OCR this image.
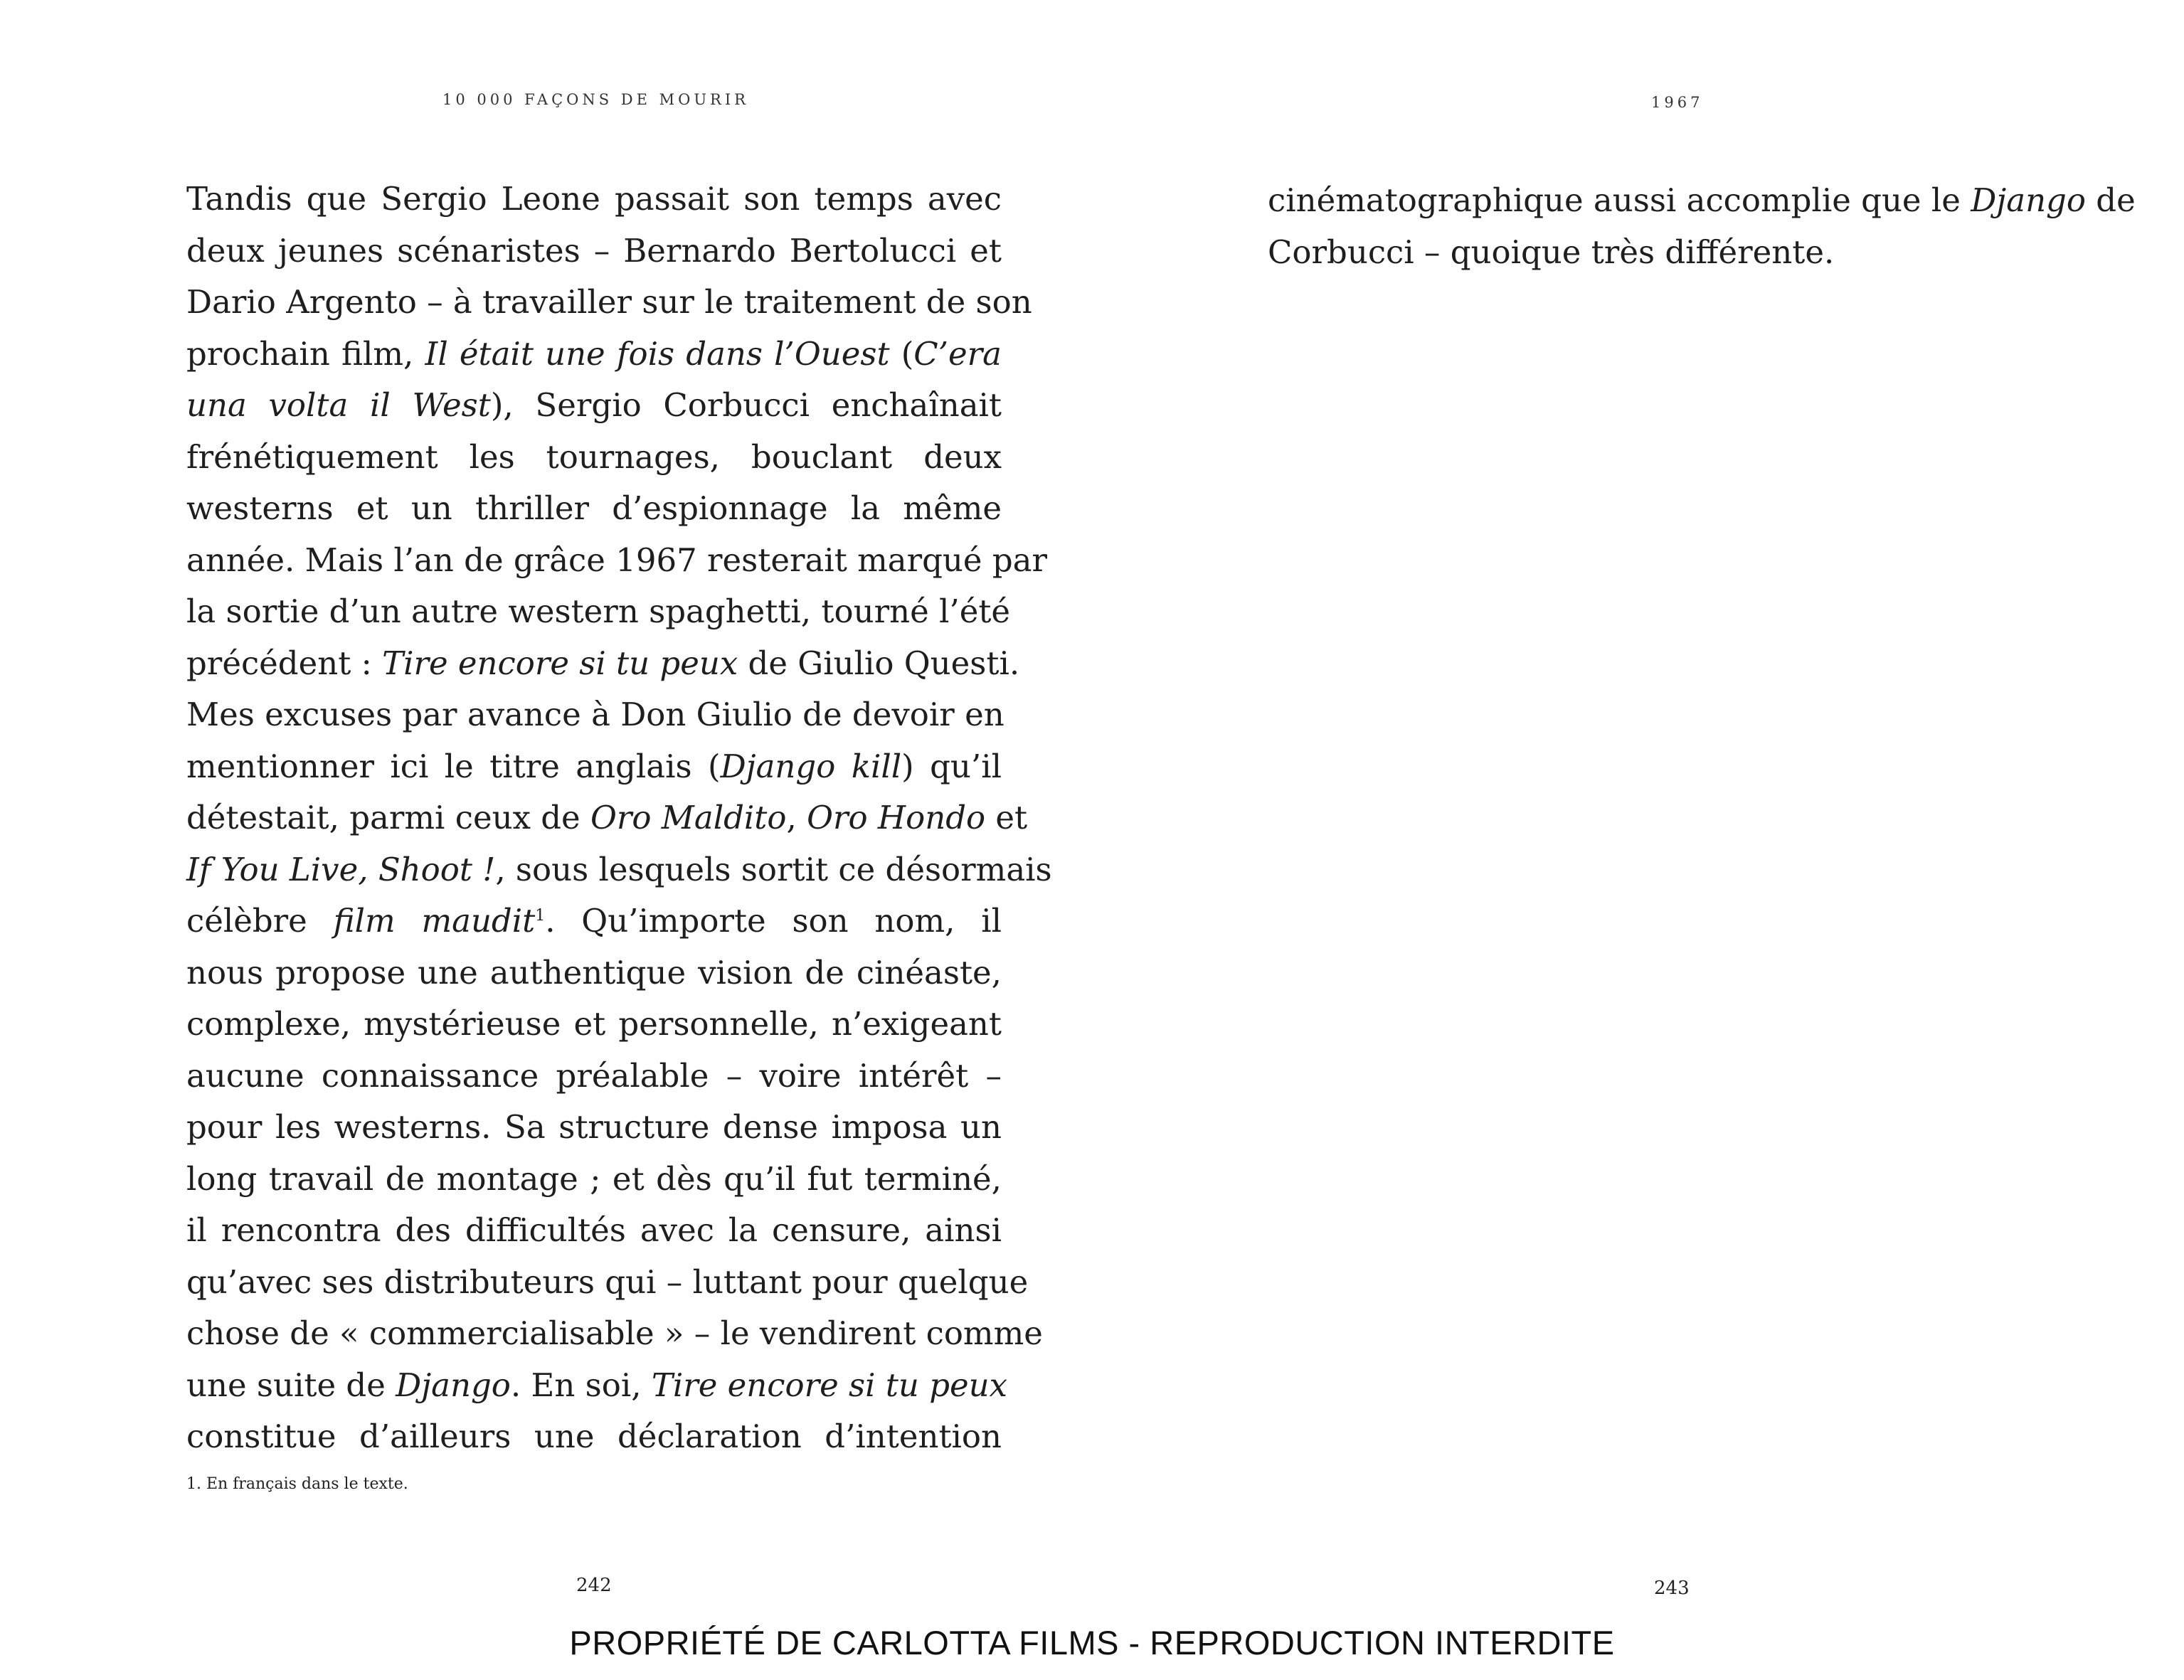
10 000 FAÇONS DE MOURIR
Tandis que Sergio Leone passait son temps avec
deux jeunes scénaristes – Bernardo Bertolucci et
Dario Argento – à travailler sur le traitement de son
prochain film, Il était une fois dans l’Ouest (C’era
una volta il West), Sergio Corbucci enchaînait
frénétiquement les tournages, bouclant deux
westerns et un thriller d’espionnage la même
année. Mais l’an de grâce 1967 resterait marqué par
la sortie d’un autre western spaghetti, tourné l’été
précédent : Tire encore si tu peux de Giulio Questi.
Mes excuses par avance à Don Giulio de devoir en
mentionner ici le titre anglais (Django kill) qu’il
détestait, parmi ceux de Oro Maldito, Oro Hondo et
If You Live, Shoot !, sous lesquels sortit ce désormais
célèbre film maudit$^1$. Qu’importe son nom, il
nous propose une authentique vision de cinéaste,
complexe, mystérieuse et personnelle, n’exigeant
aucune connaissance préalable – voire intérêt –
pour les westerns. Sa structure dense imposa un
long travail de montage ; et dès qu’il fut terminé,
il rencontra des difficultés avec la censure, ainsi
qu’avec ses distributeurs qui – luttant pour quelque
chose de « commercialisable » – le vendirent comme
une suite de Django. En soi, Tire encore si tu peux
constitue d’ailleurs une déclaration d’intention
1. En français dans le texte.
242
1967
cinématographique aussi accomplie que le Django de
Corbucci – quoique très différente.
243
PROPRIÉTÉ DE CARLOTTA FILMS - REPRODUCTION INTERDITE
